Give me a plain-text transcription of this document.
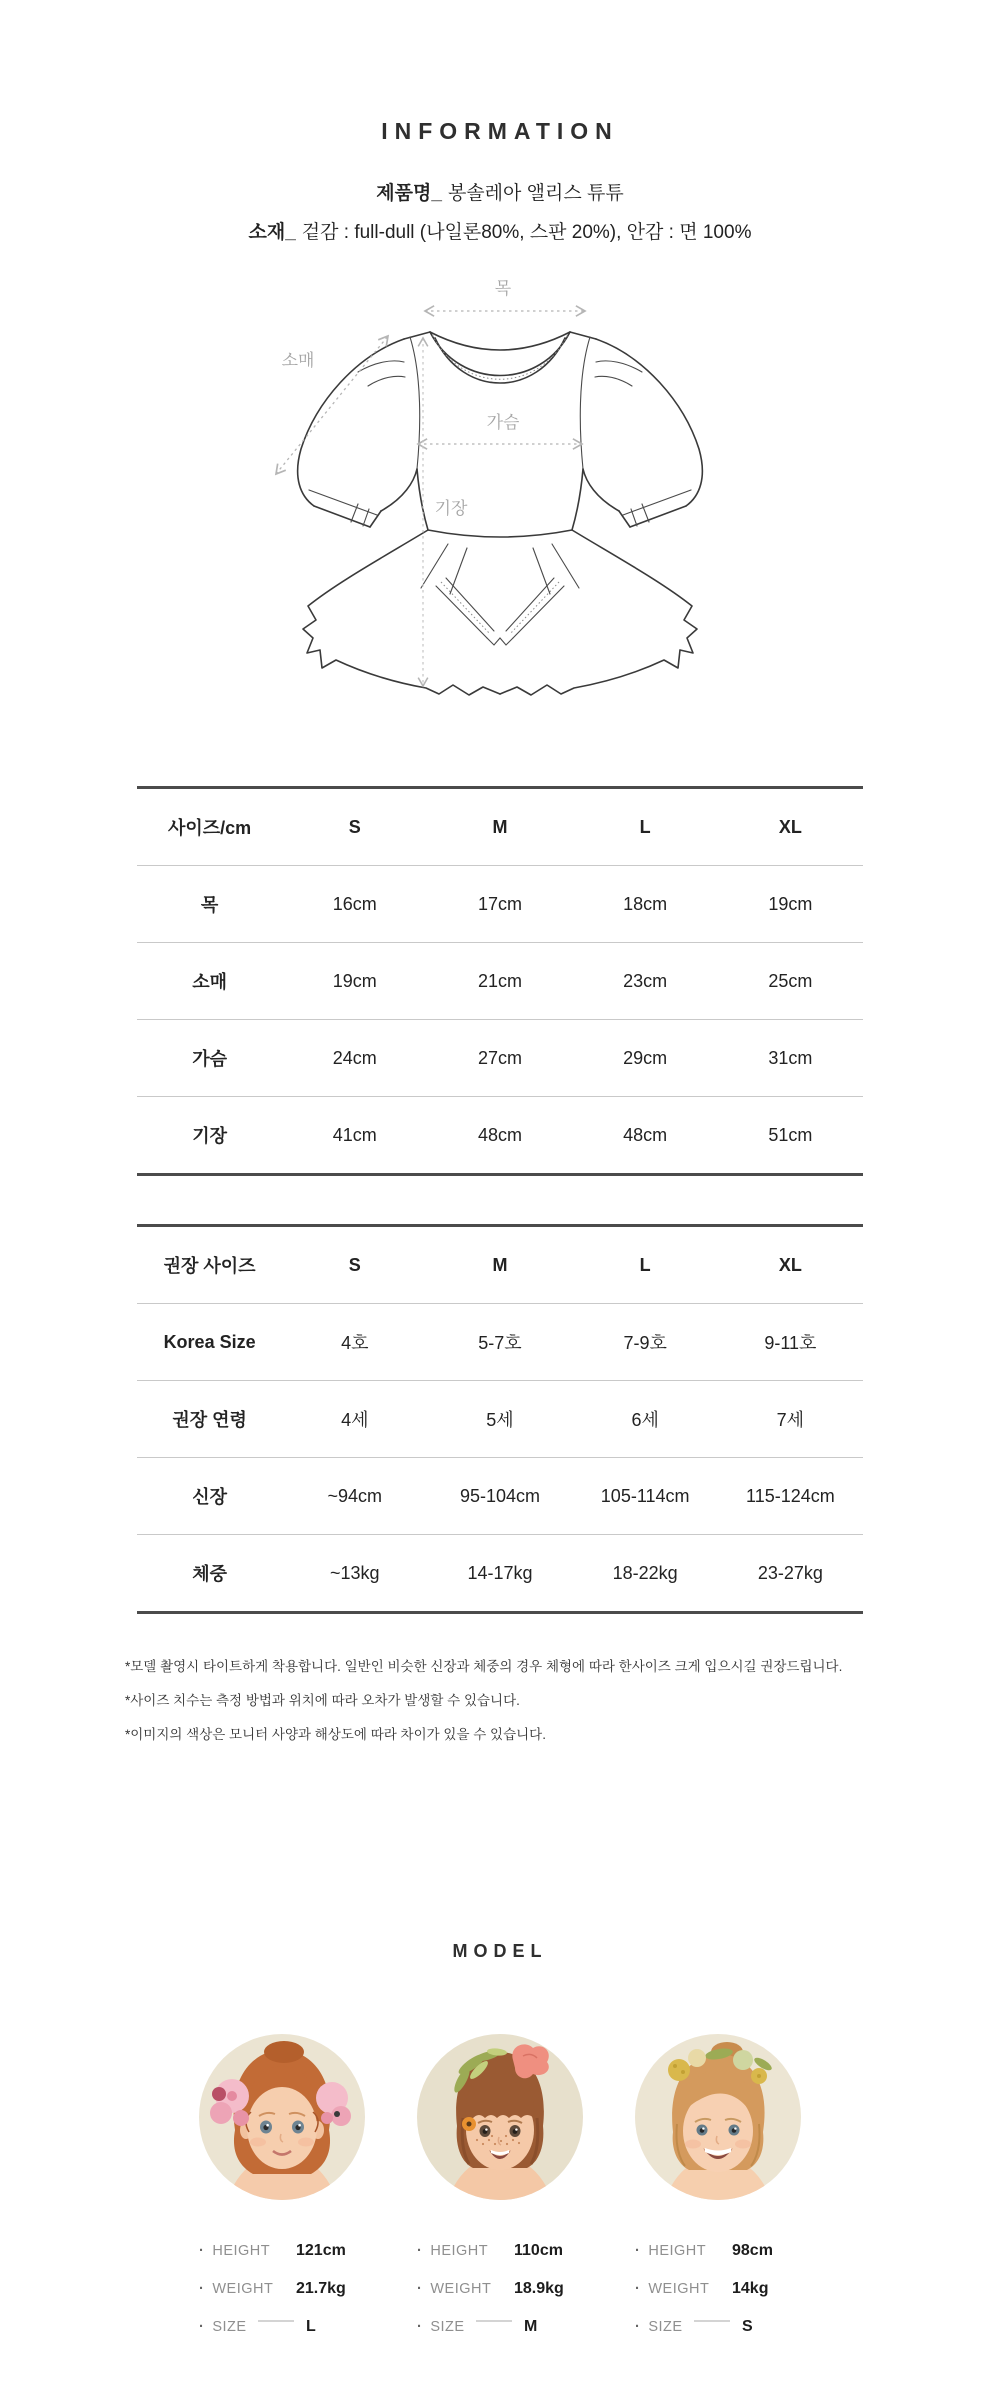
INFORMATION
제품명_ 봉솔레아 앨리스 튜튜
소재_ 겉감 : full-dull (나일론80%, 스판 20%), 안감 : 면 100%
목
소매
가슴
기장
사이즈/cm	S	M	L	XL
목	16cm	17cm	18cm	19cm
소매	19cm	21cm	23cm	25cm
가슴	24cm	27cm	29cm	31cm
기장	41cm	48cm	48cm	51cm
권장 사이즈	S	M	L	XL
Korea Size	4호	5-7호	7-9호	9-11호
권장 연령	4세	5세	6세	7세
신장	~94cm	95-104cm	105-114cm	115-124cm
체중	~13kg	14-17kg	18-22kg	23-27kg
*모델 촬영시 타이트하게 착용합니다. 일반인 비슷한 신장과 체중의 경우 체형에 따라 한사이즈 크게 입으시길 권장드립니다.
*사이즈 치수는 측정 방법과 위치에 따라 오차가 발생할 수 있습니다.
*이미지의 색상은 모니터 사양과 해상도에 따라 차이가 있을 수 있습니다.
MODEL
· HEIGHT	121cm
· WEIGHT	21.7kg
· SIZE	L
· HEIGHT	110cm
· WEIGHT	18.9kg
· SIZE	M
· HEIGHT	98cm
· WEIGHT	14kg
· SIZE	S
